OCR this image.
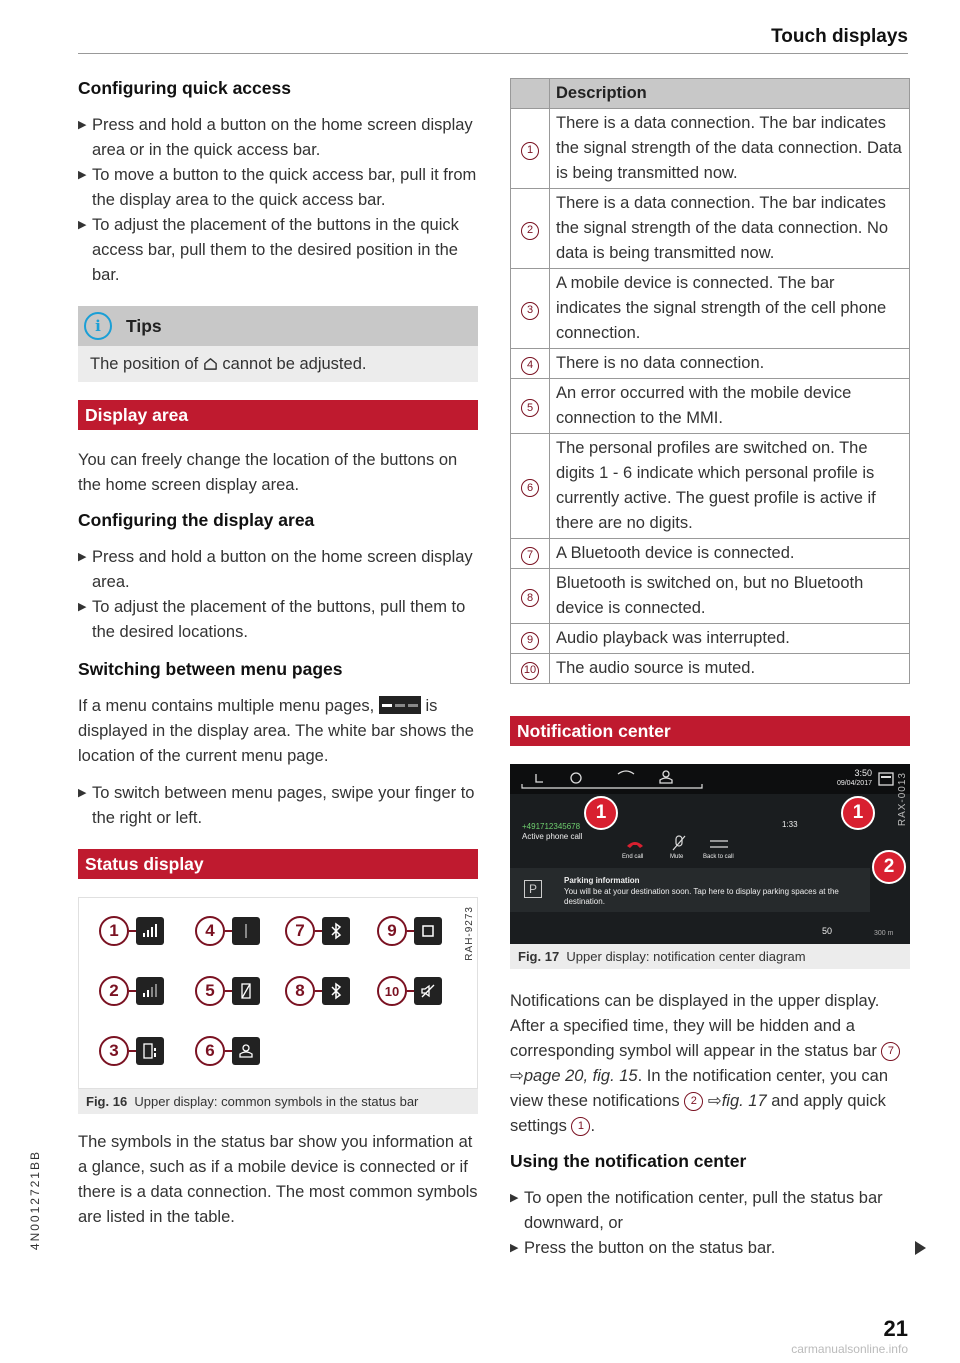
Touch displays
Configuring quick access
▶ Press and hold a button on the home screen display area or in the quick access bar.
▶ To move a button to the quick access bar, pull it from the display area to the quick access bar.
▶ To adjust the placement of the buttons in the quick access bar, pull them to the desired position in the bar.
i	Tips
The position of cannot be adjusted.
Display area

You can freely change the location of the buttons on the home screen display area.

Configuring the display area
▶ Press and hold a button on the home screen display area.
▶ To adjust the placement of the buttons, pull them to the desired locations.
Switching between menu pages

If a menu contains multiple menu pages,	is displayed in the display area. The white bar shows the location of the current menu page.

▶ To switch between menu pages, swipe your finger to the right or left.
Status display
RAH-9273
1	4	7	9
2	5	8	10
3	6
Fig. 16 Upper display: common symbols in the status bar

The symbols in the status bar show you information at a glance, such as if a mobile device is connected or if there is a data connection. The most common symbols are listed in the table.

	Description
1	There is a data connection. The bar indicates the signal strength of the data connection. Data is being transmitted now.
2	There is a data connection. The bar indicates the signal strength of the data connection. No data is being transmitted now.
3	A mobile device is connected. The bar indicates the signal strength of the cell phone connection.
4	There is no data connection.
5	An error occurred with the mobile device connection to the MMI.
6	The personal profiles are switched on. The digits 1 - 6 indicate which personal profile is currently active. The guest profile is active if there are no digits.
7	A Bluetooth device is connected.
8	Bluetooth is switched on, but no Bluetooth device is connected.
9	Audio playback was interrupted.
10	The audio source is muted.
Notification center
3:50
09/04/2017	RAX-0013
+491712345678
Active phone call
1:33
End call	Mute	Back to call
P
Parking information
You will be at your destination soon. Tap here to display parking spaces at the destination.
50	300 m
1	1
2
Fig. 17 Upper display: notification center diagram

Notifications can be displayed in the upper display. After a specified time, they will be hidden and a corresponding symbol will appear in the status bar 7 ⇨page 20, fig. 15. In the notification center, you can view these notifications 2 ⇨fig. 17 and apply quick settings 1 .

Using the notification center
▶ To open the notification center, pull the status bar downward, or
▶ Press the button on the status bar.
21
4N0012721BB
carmanualsonline.info
